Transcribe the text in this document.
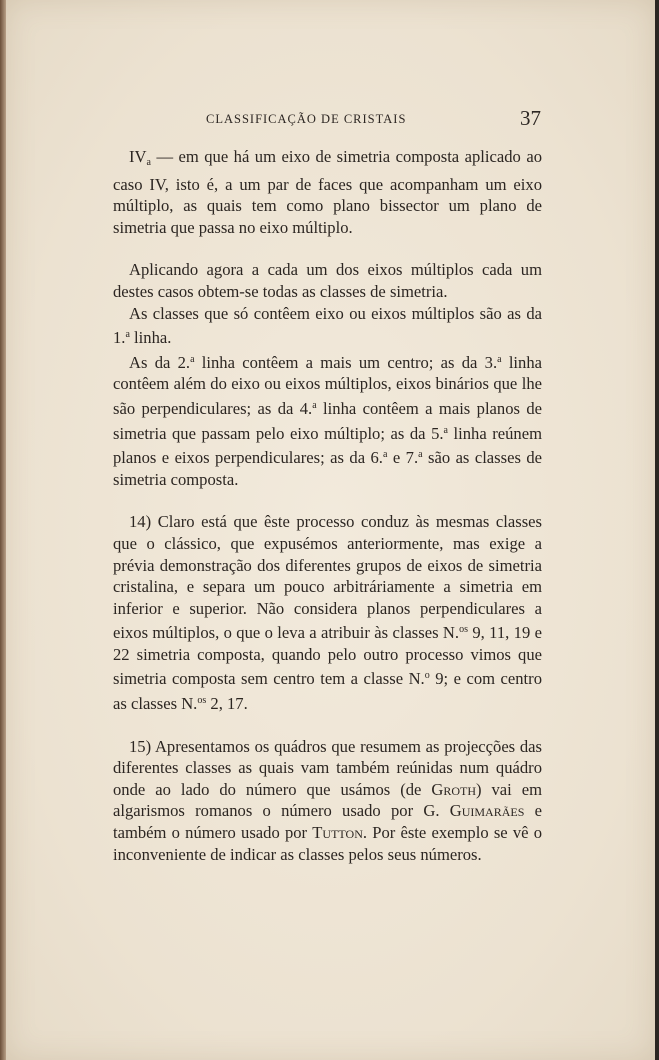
CLASSIFICAÇÃO DE CRISTAIS	37

$IV_a$ — em que há um eixo de simetria composta aplicado ao caso IV, isto é, a um par de faces que acompanham um eixo múltiplo, as quais tem como plano bissector um plano de simetria que passa no eixo múltiplo.

Aplicando agora a cada um dos eixos múltiplos cada um destes casos obtem-se todas as classes de simetria.

As classes que só contêem eixo ou eixos múltiplos são as da 1.$^a$ linha.

As da 2.$^a$ linha contêem a mais um centro; as da 3.$^a$ linha contêem além do eixo ou eixos múltiplos, eixos binários que lhe são perpendiculares; as da 4.$^a$ linha contêem a mais planos de simetria que passam pelo eixo múltiplo; as da 5.$^a$ linha reúnem planos e eixos perpendiculares; as da 6.$^a$ e 7.$^a$ são as classes de simetria composta.

14) Claro está que êste processo conduz às mesmas classes que o clássico, que expusémos anteriormente, mas exige a prévia demonstração dos diferentes grupos de eixos de simetria cristalina, e separa um pouco arbitráriamente a simetria em inferior e superior. Não considera planos perpendiculares a eixos múltiplos, o que o leva a atribuir às classes N.$^{os}$ 9, 11, 19 e 22 simetria composta, quando pelo outro processo vimos que simetria composta sem centro tem a classe N.$^o$ 9; e com centro as classes N.$^{os}$ 2, 17.

15) Apresentamos os quádros que resumem as projecções das diferentes classes as quais vam também reúnidas num quádro onde ao lado do número que usámos (de Groth) vai em algarismos romanos o número usado por G. Guimarães e também o número usado por Tutton. Por êste exemplo se vê o inconveniente de indicar as classes pelos seus números.
